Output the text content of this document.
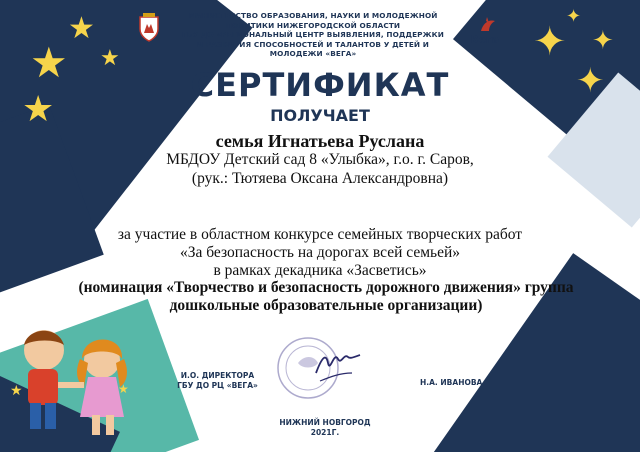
★
★
★
★
✦
✦ ✦
✦
МИНИСТЕРСТВО ОБРАЗОВАНИЯ, НАУКИ И МОЛОДЕЖНОЙ
ПОЛИТИКИ НИЖЕГОРОДСКОЙ ОБЛАСТИ
ГБУ ДО «РЕГИОНАЛЬНЫЙ ЦЕНТР ВЫЯВЛЕНИЯ, ПОДДЕРЖКИ
И РАЗВИТИЯ СПОСОБНОСТЕЙ И ТАЛАНТОВ У ДЕТЕЙ И
МОЛОДЕЖИ «ВЕГА»
Вега
СЕРТИФИКАТ
ПОЛУЧАЕТ
семья Игнатьева Руслана
МБДОУ Детский сад 8 «Улыбка», г.о. г. Саров,
(рук.: Тютяева Оксана Александровна)
за участие в областном конкурсе семейных творческих работ
«За безопасность на дорогах всей семьей»
в рамках декадника «Засветись»
(номинация «Творчество и безопасность дорожного движения» группа дошкольные образовательные организации)
★	★
И.О. ДИРЕКТОРА
ГБУ ДО РЦ «ВЕГА»	Н.А. ИВАНОВА
НИЖНИЙ НОВГОРОД
2021Г.
